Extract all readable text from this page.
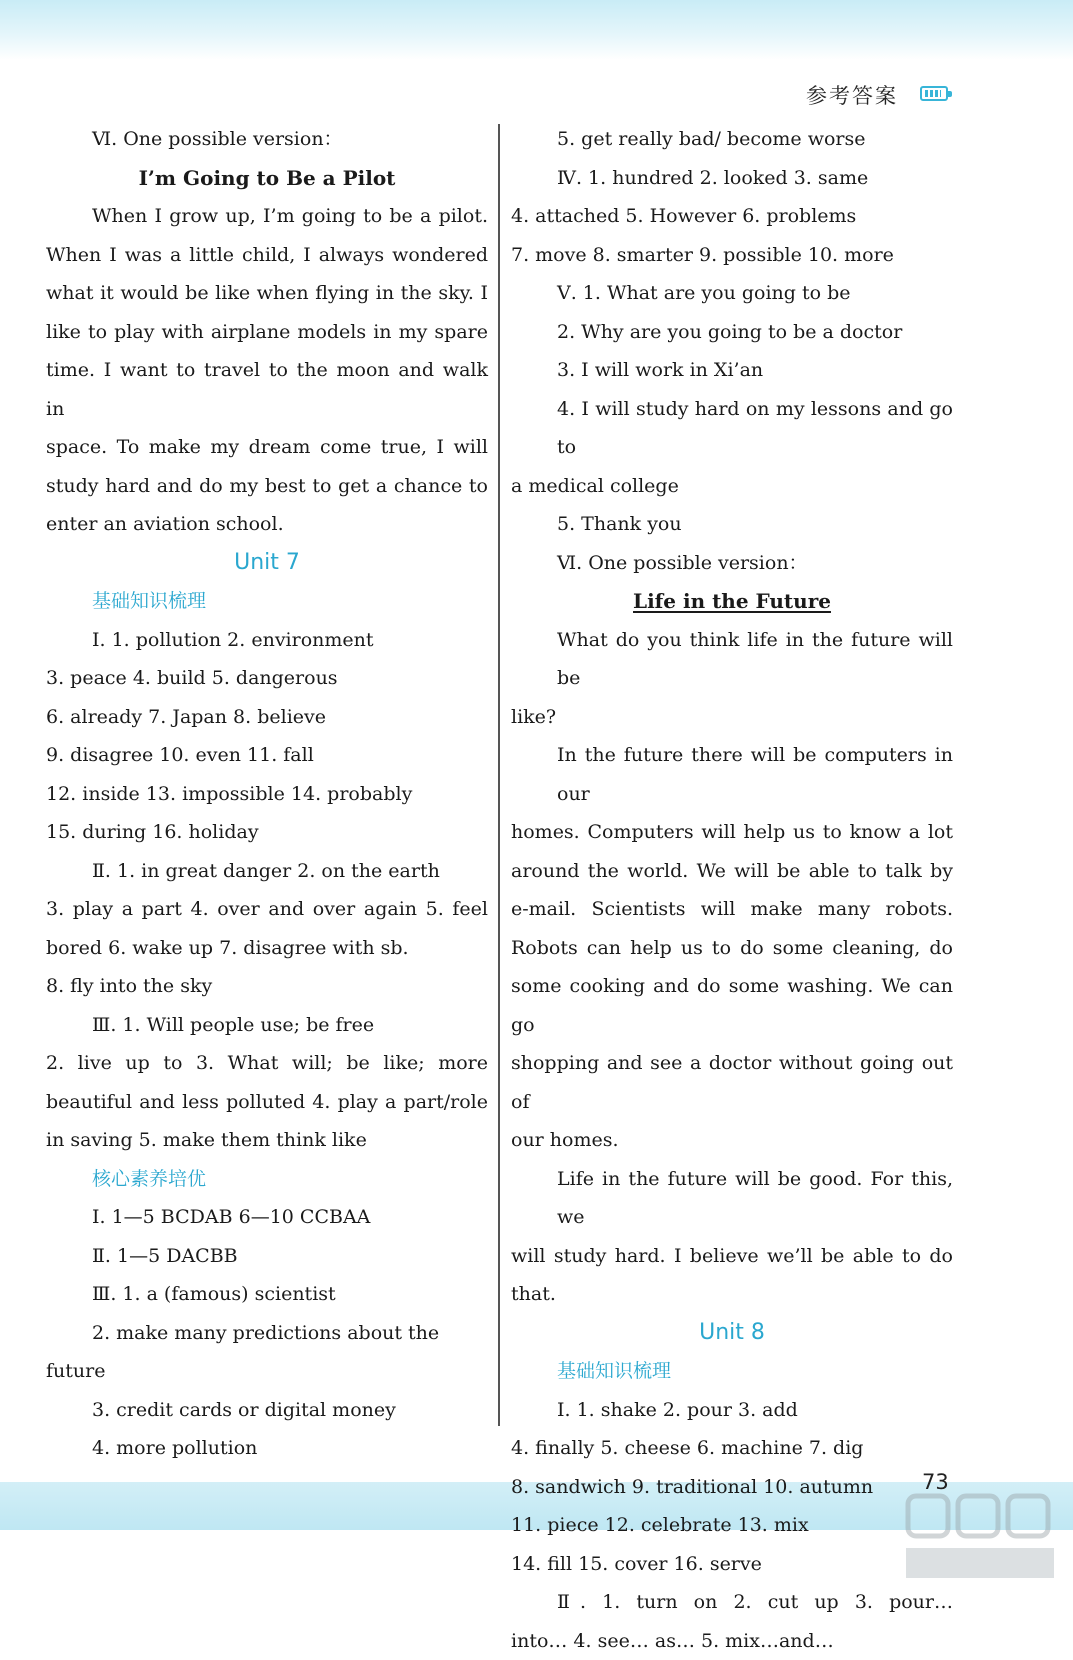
参考答案

Ⅵ. One possible version：

I’m Going to Be a Pilot

When I grow up, I’m going to be a pilot.

When I was a little child, I always wondered

what it would be like when flying in the sky. I

like to play with airplane models in my spare

time. I want to travel to the moon and walk in

space. To make my dream come true, I will

study hard and do my best to get a chance to

enter an aviation school.

Unit 7

基础知识梳理

Ⅰ. 1. pollution 2. environment

3. peace 4. build 5. dangerous

6. already 7. Japan 8. believe

9. disagree 10. even 11. fall

12. inside 13. impossible 14. probably

15. during 16. holiday

Ⅱ. 1. in great danger 2. on the earth

3. play a part 4. over and over again 5. feel

bored 6. wake up 7. disagree with sb.

8. fly into the sky

Ⅲ. 1. Will people use; be free

2. live up to 3. What will; be like; more

beautiful and less polluted 4. play a part/role

in saving 5. make them think like

核心素养培优

Ⅰ. 1—5 BCDAB 6—10 CCBAA

Ⅱ. 1—5 DACBB

Ⅲ. 1. a (famous) scientist

2. make many predictions about the

future

3. credit cards or digital money

4. more pollution

5. get really bad/ become worse

Ⅳ. 1. hundred 2. looked 3. same

4. attached 5. However 6. problems

7. move 8. smarter 9. possible 10. more

Ⅴ. 1. What are you going to be

2. Why are you going to be a doctor

3. I will work in Xi’an

4. I will study hard on my lessons and go to

a medical college

5. Thank you

Ⅵ. One possible version：

Life in the Future

What do you think life in the future will be

like?

In the future there will be computers in our

homes. Computers will help us to know a lot

around the world. We will be able to talk by

e-mail. Scientists will make many robots.

Robots can help us to do some cleaning, do

some cooking and do some washing. We can go

shopping and see a doctor without going out of

our homes.

Life in the future will be good. For this, we

will study hard. I believe we’ll be able to do

that.

Unit 8

基础知识梳理

Ⅰ. 1. shake 2. pour 3. add

4. finally 5. cheese 6. machine 7. dig

8. sandwich 9. traditional 10. autumn

11. piece 12. celebrate 13. mix

14. fill 15. cover 16. serve

Ⅱ. 1. turn on 2. cut up 3. pour…

into… 4. see… as… 5. mix…and…

73
